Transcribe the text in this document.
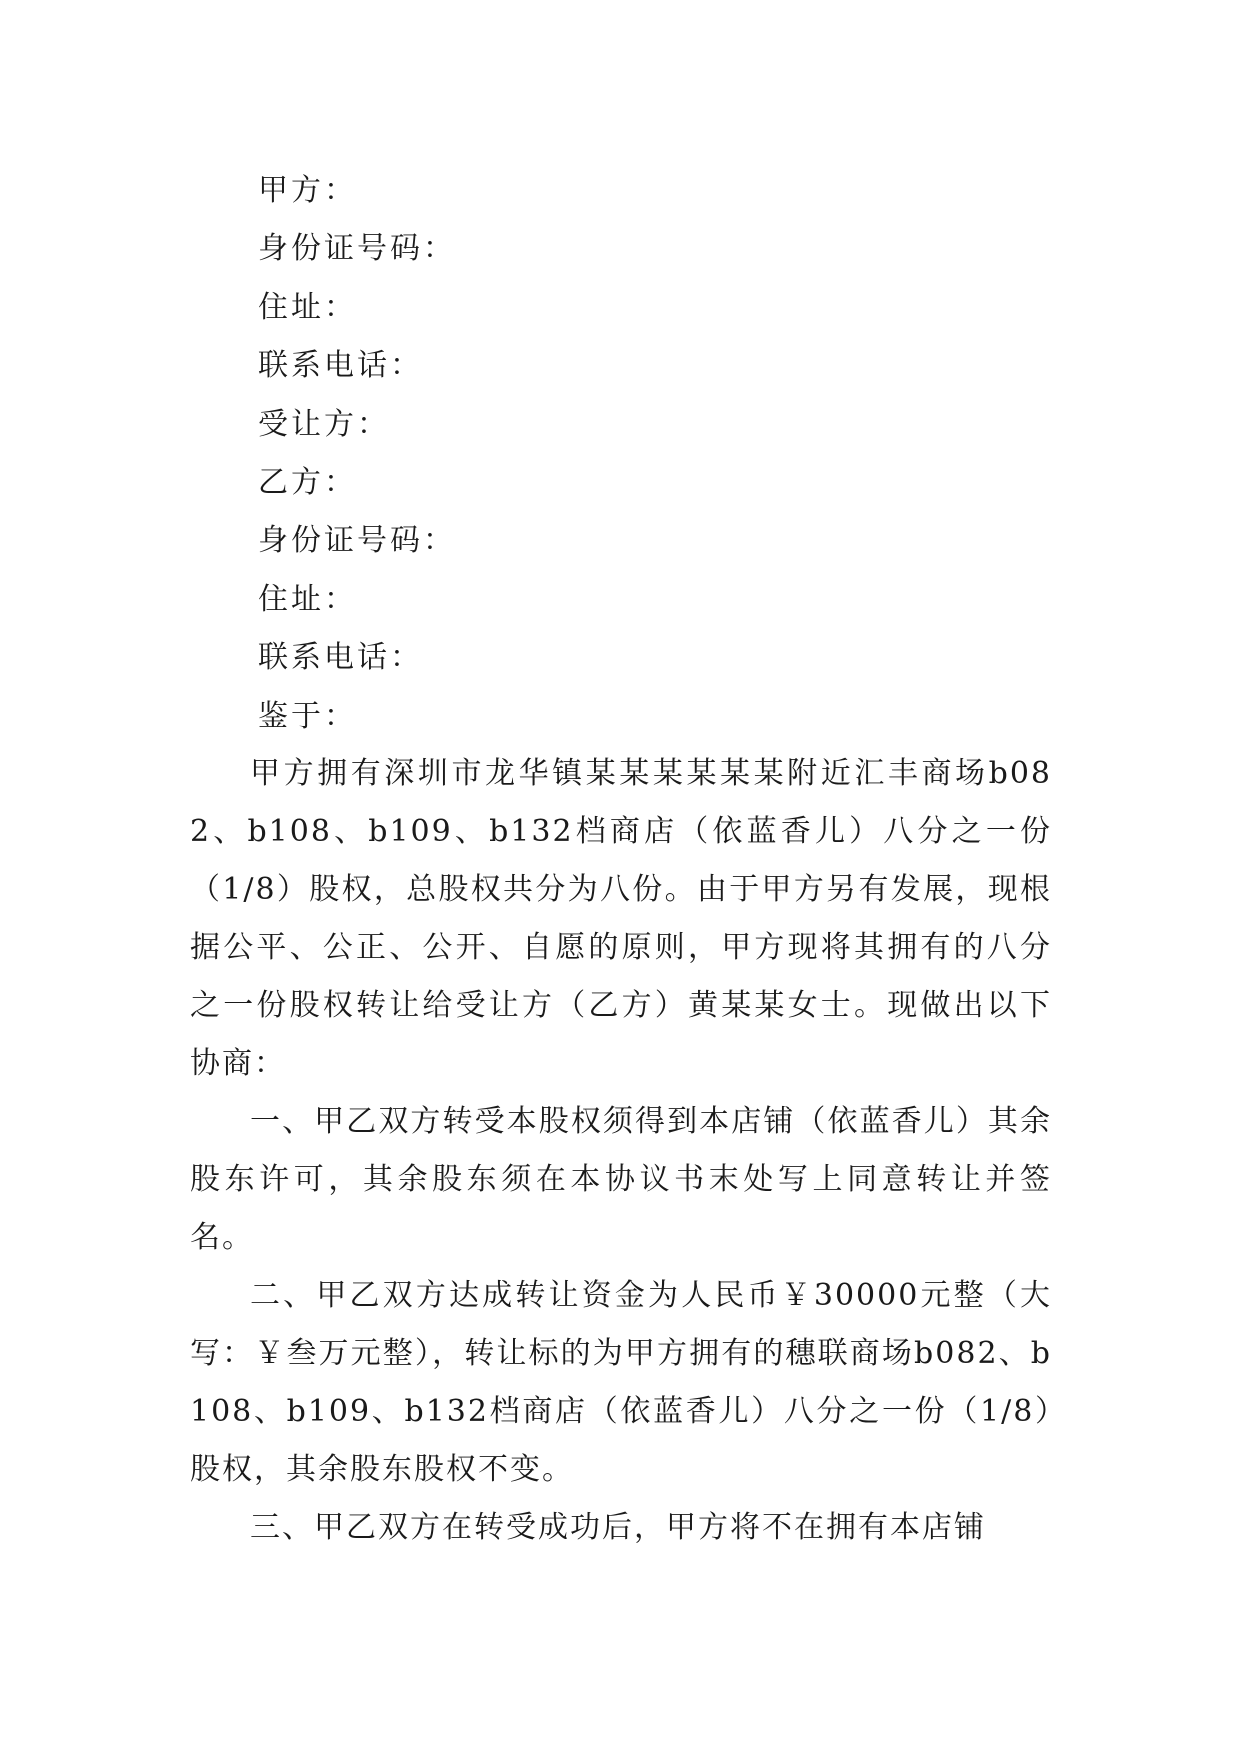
甲方：
身份证号码：
住址：
联系电话：
受让方：
乙方：
身份证号码：
住址：
联系电话：
鉴于：

甲方拥有深圳市龙华镇某某某某某某附近汇丰商场b082、b108、b109、b132档商店（依蓝香儿）八分之一份（1/8）股权，总股权共分为八份。由于甲方另有发展，现根据公平、公正、公开、自愿的原则，甲方现将其拥有的八分之一份股权转让给受让方（乙方）黄某某女士。现做出以下协商：

一、甲乙双方转受本股权须得到本店铺（依蓝香儿）其余股东许可，其余股东须在本协议书末处写上同意转让并签名。

二、甲乙双方达成转让资金为人民币￥30000元整（大写：￥叁万元整），转让标的为甲方拥有的穗联商场b082、b108、b109、b132档商店（依蓝香儿）八分之一份（1/8）股权，其余股东股权不变。

三、甲乙双方在转受成功后，甲方将不在拥有本店铺
